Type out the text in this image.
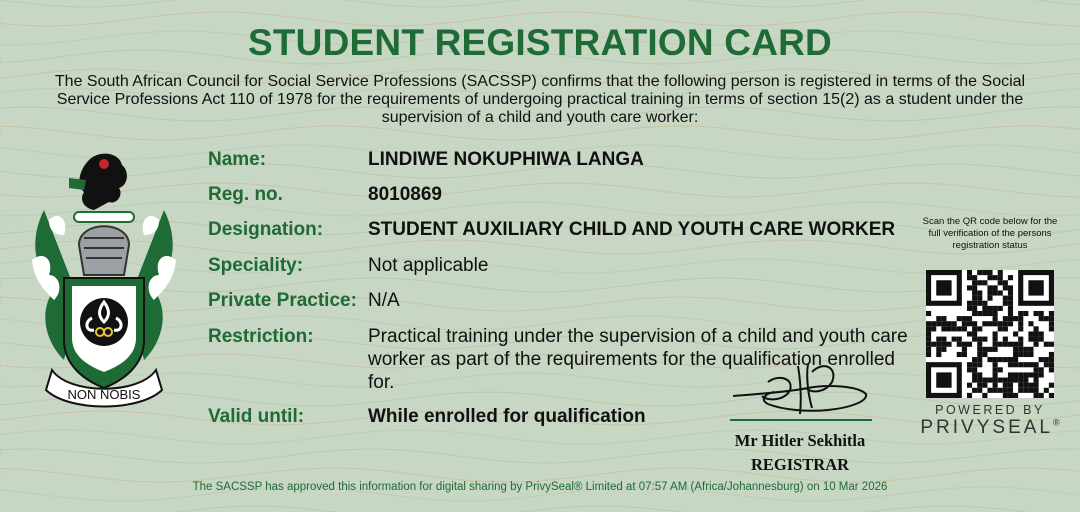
STUDENT REGISTRATION CARD
The South African Council for Social Service Professions (SACSSP) confirms that the following person is registered in terms of the Social Service Professions Act 110 of 1978 for the requirements of undergoing practical training in terms of section 15(2) as a student under the supervision of a child and youth care worker:
NON NOBIS
Name:	LINDIWE NOKUPHIWA LANGA
Reg. no.	8010869
Designation: STUDENT AUXILIARY CHILD AND YOUTH CARE WORKER
Speciality:	Not applicable
Private Practice: N/A
Restriction:	Practical training under the supervision of a child and youth care worker as part of the requirements for the qualification enrolled for.
Valid until:	While enrolled for qualification
Mr Hitler Sekhitla
REGISTRAR
Scan the QR code below for the full verification of the persons registration status
POWERED BY
PRIVYSEAL®
The SACSSP has approved this information for digital sharing by PrivySeal® Limited at 07:57 AM (Africa/Johannesburg) on 10 Mar 2026
